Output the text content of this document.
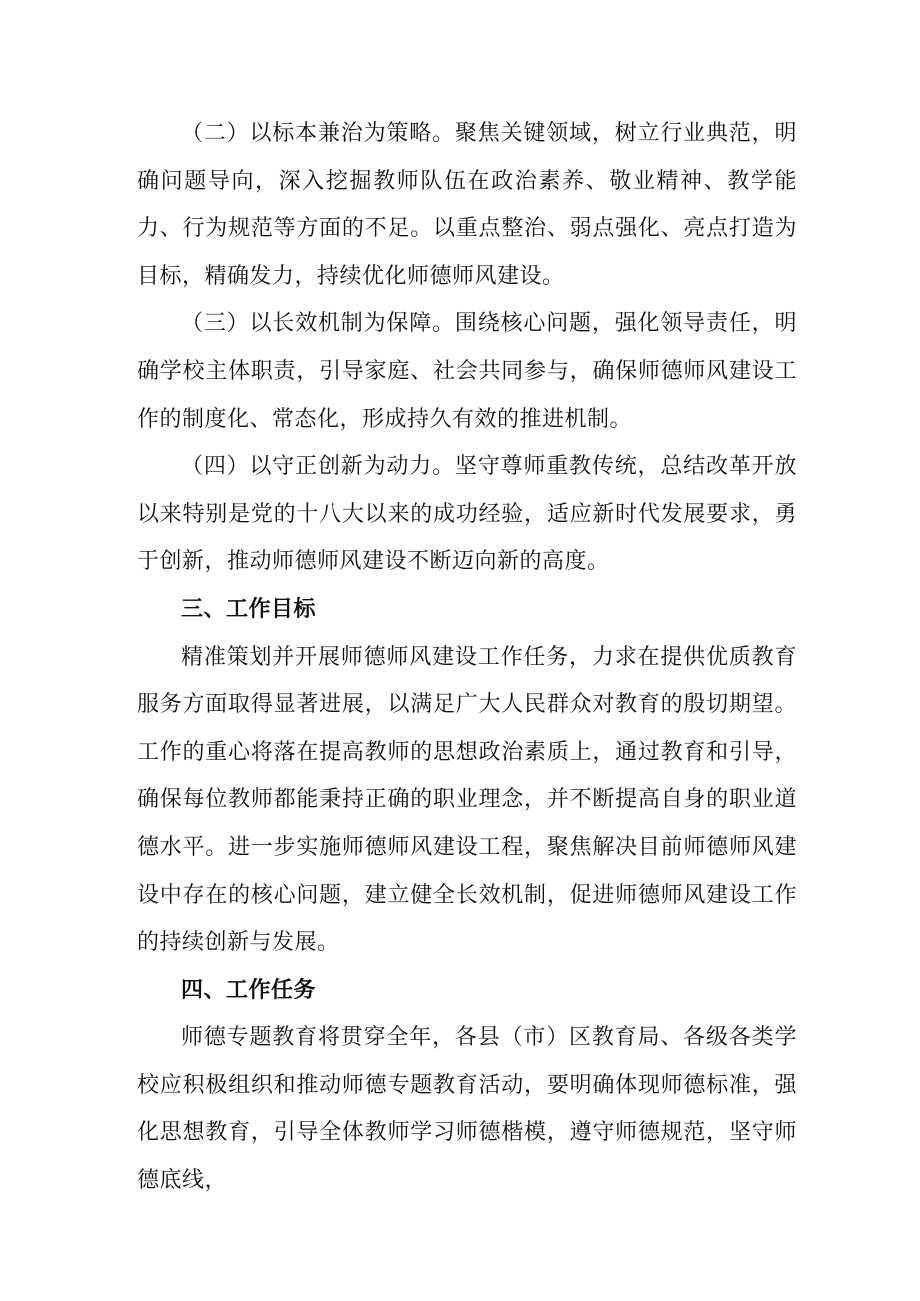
（二）以标本兼治为策略。聚焦关键领域，树立行业典范，明确问题导向，深入挖掘教师队伍在政治素养、敬业精神、教学能力、行为规范等方面的不足。以重点整治、弱点强化、亮点打造为目标，精确发力，持续优化师德师风建设。

（三）以长效机制为保障。围绕核心问题，强化领导责任，明确学校主体职责，引导家庭、社会共同参与，确保师德师风建设工作的制度化、常态化，形成持久有效的推进机制。

（四）以守正创新为动力。坚守尊师重教传统，总结改革开放以来特别是党的十八大以来的成功经验，适应新时代发展要求，勇于创新，推动师德师风建设不断迈向新的高度。

三、工作目标

精准策划并开展师德师风建设工作任务，力求在提供优质教育服务方面取得显著进展，以满足广大人民群众对教育的殷切期望。工作的重心将落在提高教师的思想政治素质上，通过教育和引导，确保每位教师都能秉持正确的职业理念，并不断提高自身的职业道德水平。进一步实施师德师风建设工程，聚焦解决目前师德师风建设中存在的核心问题，建立健全长效机制，促进师德师风建设工作的持续创新与发展。

四、工作任务

师德专题教育将贯穿全年，各县（市）区教育局、各级各类学校应积极组织和推动师德专题教育活动，要明确体现师德标准，强化思想教育，引导全体教师学习师德楷模，遵守师德规范，坚守师德底线，
